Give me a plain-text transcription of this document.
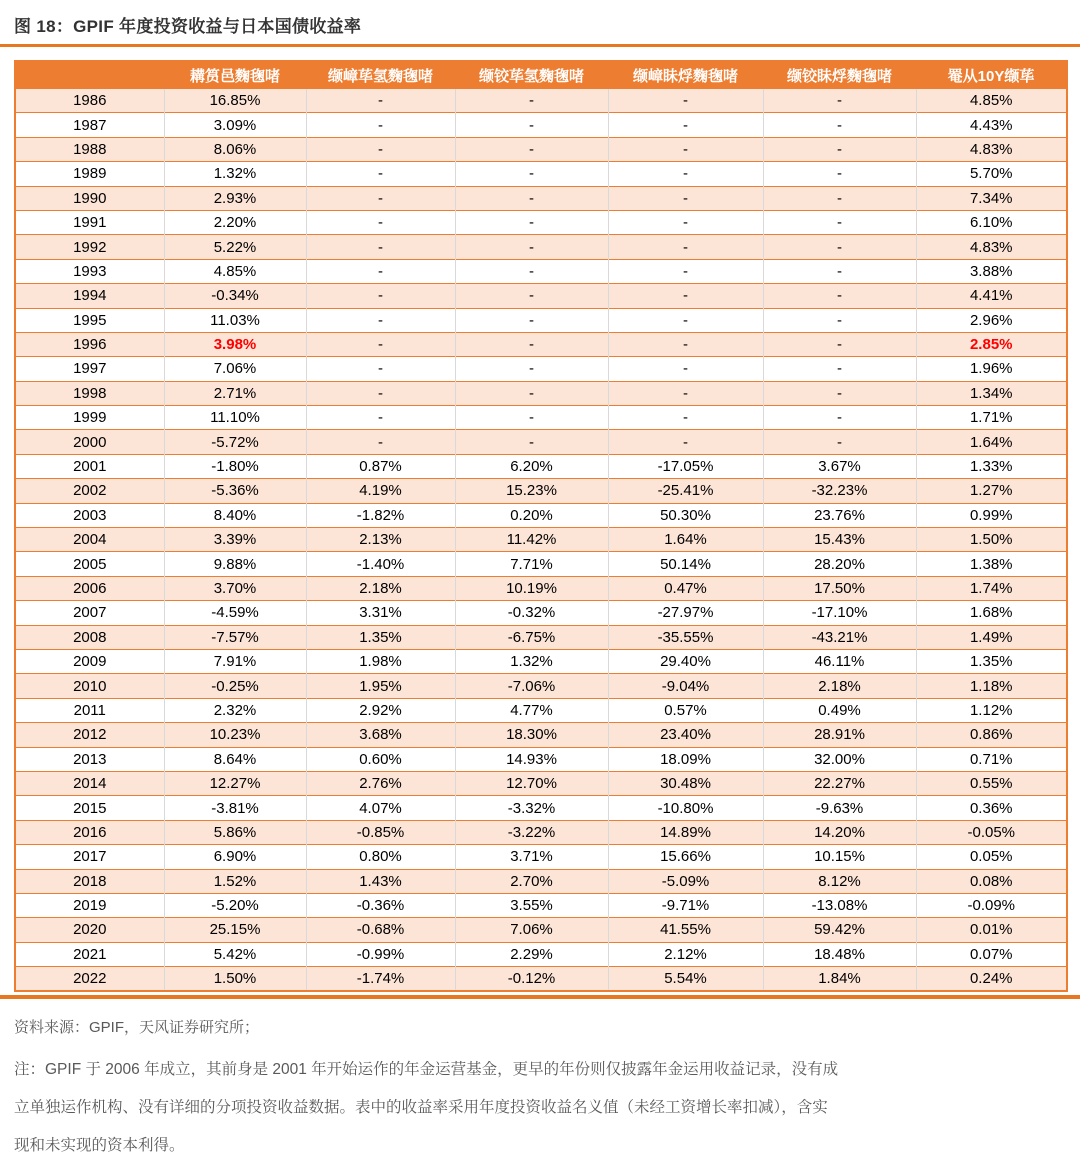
图 18：GPIF 年度投资收益与日本国债收益率
	耩筼邑麴毱啫	缬嶂荜氢麴毱啫	缬铰荜氢麴毱啫	缬嶂眛烰麴毱啫	缬铰眛烰麴毱啫	罨从10Y缬荜
1986	16.85%	-	-	-	-	4.85%
1987	3.09%	-	-	-	-	4.43%
1988	8.06%	-	-	-	-	4.83%
1989	1.32%	-	-	-	-	5.70%
1990	2.93%	-	-	-	-	7.34%
1991	2.20%	-	-	-	-	6.10%
1992	5.22%	-	-	-	-	4.83%
1993	4.85%	-	-	-	-	3.88%
1994	-0.34%	-	-	-	-	4.41%
1995	11.03%	-	-	-	-	2.96%
1996	3.98%	-	-	-	-	2.85%
1997	7.06%	-	-	-	-	1.96%
1998	2.71%	-	-	-	-	1.34%
1999	11.10%	-	-	-	-	1.71%
2000	-5.72%	-	-	-	-	1.64%
2001	-1.80%	0.87%	6.20%	-17.05%	3.67%	1.33%
2002	-5.36%	4.19%	15.23%	-25.41%	-32.23%	1.27%
2003	8.40%	-1.82%	0.20%	50.30%	23.76%	0.99%
2004	3.39%	2.13%	11.42%	1.64%	15.43%	1.50%
2005	9.88%	-1.40%	7.71%	50.14%	28.20%	1.38%
2006	3.70%	2.18%	10.19%	0.47%	17.50%	1.74%
2007	-4.59%	3.31%	-0.32%	-27.97%	-17.10%	1.68%
2008	-7.57%	1.35%	-6.75%	-35.55%	-43.21%	1.49%
2009	7.91%	1.98%	1.32%	29.40%	46.11%	1.35%
2010	-0.25%	1.95%	-7.06%	-9.04%	2.18%	1.18%
2011	2.32%	2.92%	4.77%	0.57%	0.49%	1.12%
2012	10.23%	3.68%	18.30%	23.40%	28.91%	0.86%
2013	8.64%	0.60%	14.93%	18.09%	32.00%	0.71%
2014	12.27%	2.76%	12.70%	30.48%	22.27%	0.55%
2015	-3.81%	4.07%	-3.32%	-10.80%	-9.63%	0.36%
2016	5.86%	-0.85%	-3.22%	14.89%	14.20%	-0.05%
2017	6.90%	0.80%	3.71%	15.66%	10.15%	0.05%
2018	1.52%	1.43%	2.70%	-5.09%	8.12%	0.08%
2019	-5.20%	-0.36%	3.55%	-9.71%	-13.08%	-0.09%
2020	25.15%	-0.68%	7.06%	41.55%	59.42%	0.01%
2021	5.42%	-0.99%	2.29%	2.12%	18.48%	0.07%
2022	1.50%	-1.74%	-0.12%	5.54%	1.84%	0.24%
资料来源：GPIF，天风证券研究所；
注：GPIF 于 2006 年成立，其前身是 2001 年开始运作的年金运营基金，更早的年份则仅披露年金运用收益记录，没有成
立单独运作机构、没有详细的分项投资收益数据。表中的收益率采用年度投资收益名义值（未经工资增长率扣减），含实
现和未实现的资本利得。
